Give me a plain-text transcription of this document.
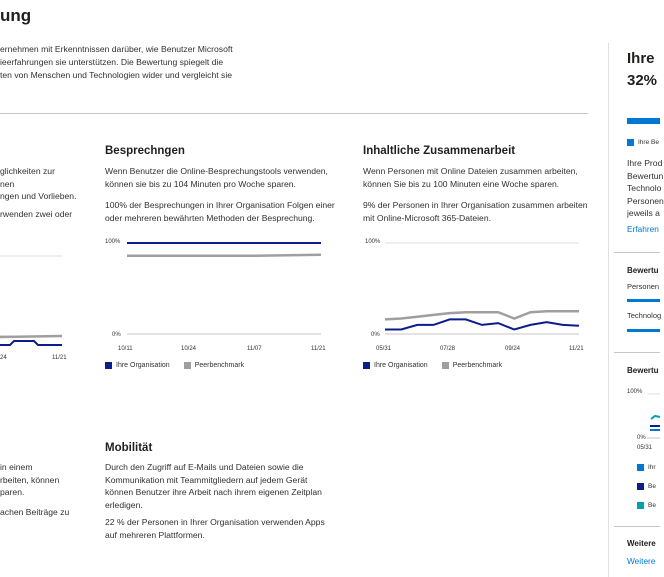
ung
ernehmen mit Erkenntnissen darüber, wie Benutzer Microsoft
ieerfahrungen sie unterstützen. Die Bewertung spiegelt die
ten von Menschen und Technologien wider und vergleicht sie
glichkeiten zur
nen
ngen und Vorlieben.
rwenden zwei oder
24	11/21
Besprechngen
Wenn Benutzer die Online-Besprechungstools verwenden,
können sie bis zu 104 Minuten pro Woche sparen.
100% der Besprechungen in Ihrer Organisation Folgen einer
oder mehreren bewährten Methoden der Besprechung.
100%
0%
10/11	10/24	11/07	11/21
Ihre Organisation	Peerbenchmark
Inhaltliche Zusammenarbeit
Wenn Personen mit Online Dateien zusammen arbeiten,
können Sie bis zu 100 Minuten eine Woche sparen.
9% der Personen in Ihrer Organisation zusammen arbeiten
mit Online-Microsoft 365-Dateien.
100%
0%
05/31	07/28	09/24	11/21
Ihre Organisation	Peerbenchmark
in einem
rbeiten, können
paren.
achen Beiträge zu
Mobilität
Durch den Zugriff auf E-Mails und Dateien sowie die
Kommunikation mit Teammitgliedern auf jedem Gerät
können Benutzer ihre Arbeit nach ihrem eigenen Zeitplan
erledigen.
22 % der Personen in Ihrer Organisation verwenden Apps
auf mehreren Plattformen.
Ihre
32%
Ihre Be
Ihre Prod
Bewertun
Technolo
Personen
jeweils a
Erfahren
Bewertu
Personen
Technolog
Bewertu
100%
0%
05/31
Ihr
Be
Be
Weitere
Weitere
